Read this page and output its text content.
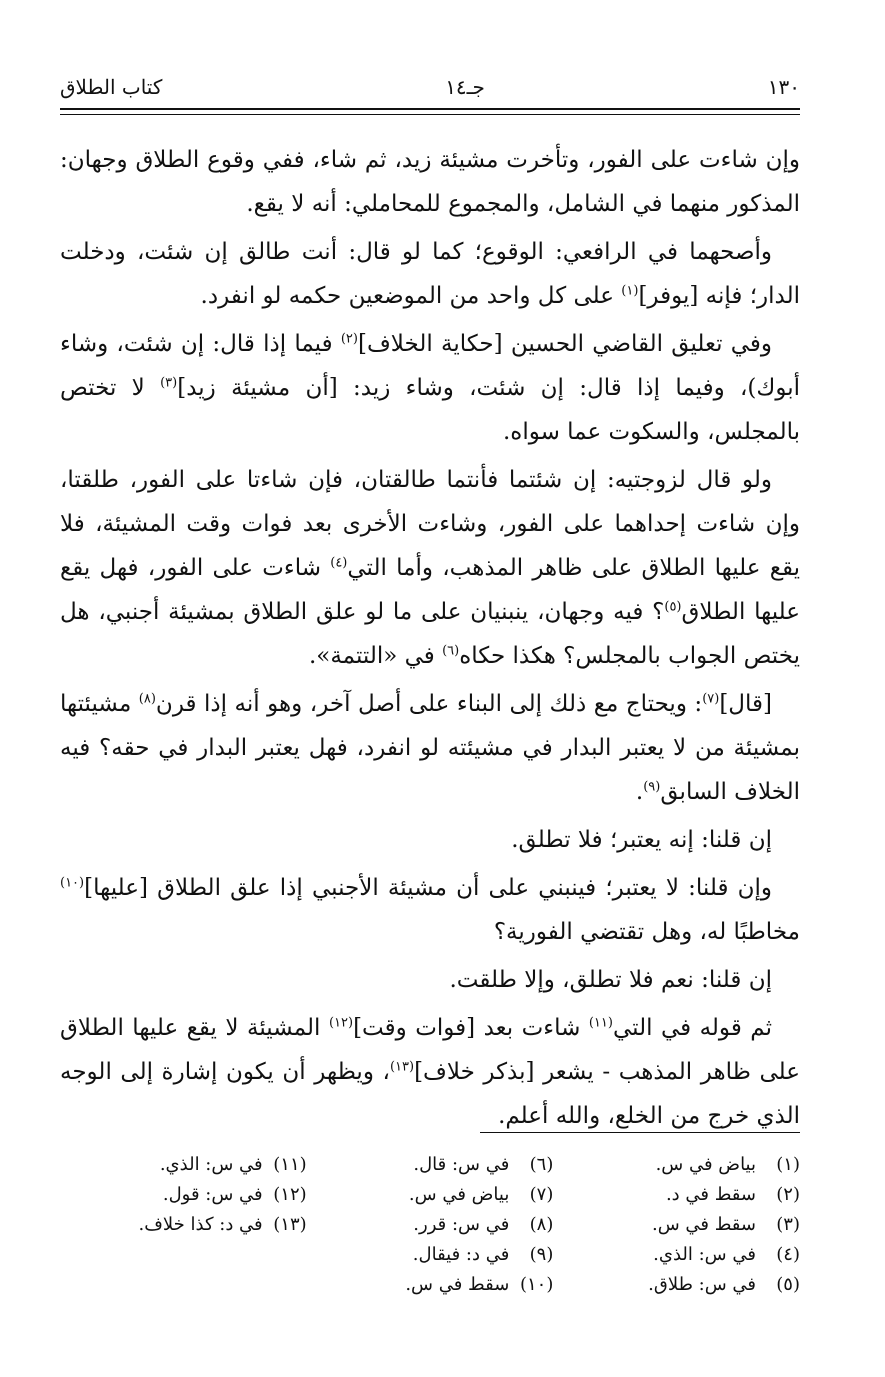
كتاب الطلاق	جـ١٤	١٣٠

وإن شاءت على الفور، وتأخرت مشيئة زيد، ثم شاء، ففي وقوع الطلاق وجهان: المذكور منهما في الشامل، والمجموع للمحاملي: أنه لا يقع.

وأصحهما في الرافعي: الوقوع؛ كما لو قال: أنت طالق إن شئت، ودخلت الدار؛ فإنه [يوفر]$^{(١)}$ على كل واحد من الموضعين حكمه لو انفرد.

وفي تعليق القاضي الحسين [حكاية الخلاف]$^{(٢)}$ فيما إذا قال: إن شئت، وشاء أبوك)، وفيما إذا قال: إن شئت، وشاء زيد: [أن مشيئة زيد]$^{(٣)}$ لا تختص بالمجلس، والسكوت عما سواه.

ولو قال لزوجتيه: إن شئتما فأنتما طالقتان، فإن شاءتا على الفور، طلقتا، وإن شاءت إحداهما على الفور، وشاءت الأخرى بعد فوات وقت المشيئة، فلا يقع عليها الطلاق على ظاهر المذهب، وأما التي$^{(٤)}$ شاءت على الفور، فهل يقع عليها الطلاق$^{(٥)}$؟ فيه وجهان، ينبنيان على ما لو علق الطلاق بمشيئة أجنبي، هل يختص الجواب بالمجلس؟ هكذا حكاه$^{(٦)}$ في «التتمة».

[قال]$^{(٧)}$: ويحتاج مع ذلك إلى البناء على أصل آخر، وهو أنه إذا قرن$^{(٨)}$ مشيئتها بمشيئة من لا يعتبر البدار في مشيئته لو انفرد، فهل يعتبر البدار في حقه؟ فيه الخلاف السابق$^{(٩)}$.

إن قلنا: إنه يعتبر؛ فلا تطلق.

وإن قلنا: لا يعتبر؛ فينبني على أن مشيئة الأجنبي إذا علق الطلاق [عليها]$^{(١٠)}$ مخاطبًا له، وهل تقتضي الفورية؟

إن قلنا: نعم فلا تطلق، وإلا طلقت.

ثم قوله في التي$^{(١١)}$ شاءت بعد [فوات وقت]$^{(١٢)}$ المشيئة لا يقع عليها الطلاق على ظاهر المذهب - يشعر [بذكر خلاف]$^{(١٣)}$، ويظهر أن يكون إشارة إلى الوجه الذي خرج من الخلع، والله أعلم.

(١)بياض في س.
(٢)سقط في د.
(٣)سقط في س.
(٤)في س: الذي.
(٥)في س: طلاق.
(٦)في س: قال.
(٧)بياض في س.
(٨)في س: قرر.
(٩)في د: فيقال.
(١٠)سقط في س.
(١١)في س: الذي.
(١٢)في س: قول.
(١٣)في د: كذا خلاف.
